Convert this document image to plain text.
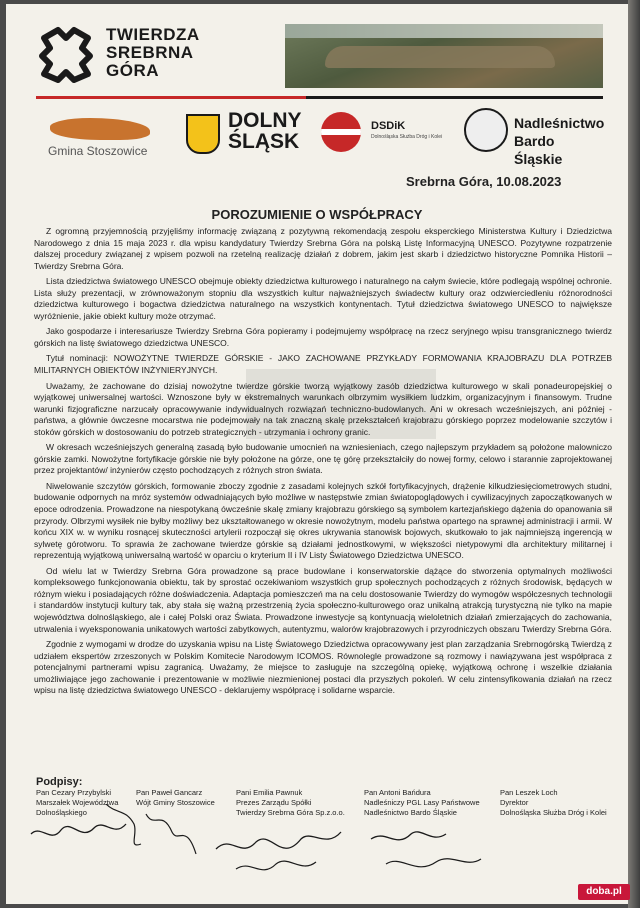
TWIERDZA
SREBRNA
GÓRA
Gmina Stoszowice
DOLNY
ŚLĄSK
DSDiK
Dolnośląska Służba Dróg i Kolei
Nadleśnictwo
Bardo Śląskie
Srebrna Góra, 10.08.2023
POROZUMIENIE O WSPÓŁPRACY

Z ogromną przyjemnością przyjęliśmy informację związaną z pozytywną rekomendacją zespołu eksperckiego Ministerstwa Kultury i Dziedzictwa Narodowego z dnia 15 maja 2023 r. dla wpisu kandydatury Twierdzy Srebrna Góra na polską Listę Informacyjną UNESCO. Pozytywne rozpatrzenie dalszej procedury związanej z wpisem pozwoli na rzetelną realizację działań z dobrem, jakim jest skarb i dziedzictwo historyczne Pomnika Historii – Twierdzy Srebrna Góra.

Lista dziedzictwa światowego UNESCO obejmuje obiekty dziedzictwa kulturowego i naturalnego na całym świecie, które podlegają wspólnej ochronie. Lista służy prezentacji, w zrównoważonym stopniu dla wszystkich kultur najważniejszych świadectw kultury oraz odzwierciedleniu różnorodności dziedzictwa kulturowego i bogactwa dziedzictwa naturalnego na wszystkich kontynentach. Tytuł dziedzictwa światowego UNESCO to największe wyróżnienie, jakie obiekt kultury może otrzymać.

Jako gospodarze i interesariusze Twierdzy Srebrna Góra popieramy i podejmujemy współpracę na rzecz seryjnego wpisu transgranicznego twierdz górskich na listę światowego dziedzictwa UNESCO.

Tytuł nominacji: NOWOŻYTNE TWIERDZE GÓRSKIE - JAKO ZACHOWANE PRZYKŁADY FORMOWANIA KRAJOBRAZU DLA POTRZEB MILITARNYCH OBIEKTÓW INŻYNIERYJNYCH.

Uważamy, że zachowane do dzisiaj nowożytne twierdze górskie tworzą wyjątkowy zasób dziedzictwa kulturowego w skali ponadeuropejskiej o wyjątkowej uniwersalnej wartości. Wznoszone były w ekstremalnych warunkach olbrzymim wysiłkiem ludzkim, organizacyjnym i finansowym. Trudne warunki fizjograficzne narzucały opracowywanie indywidualnych rozwiązań techniczno-budowlanych. Ani w okresach wcześniejszych, ani później - państwa, a głównie ówczesne mocarstwa nie podejmowały na tak znaczną skalę przekształceń krajobrazu górskiego poprzez modelowanie szczytów i stoków górskich w dostosowaniu do potrzeb strategicznych - utrzymania i ochrony granic.

W okresach wcześniejszych generalną zasadą było budowanie umocnień na wzniesieniach, czego najlepszym przykładem są położone malowniczo górskie zamki. Nowożytne fortyfikacje górskie nie były położone na górze, one tę górę przekształciły do nowej formy, celowo i starannie zaprojektowanej przez projektantów/ inżynierów często pochodzących z różnych stron świata.

Niwelowanie szczytów górskich, formowanie zboczy zgodnie z zasadami kolejnych szkół fortyfikacyjnych, drążenie kilkudziesięciometrowych studni, budowanie odpornych na mróz systemów odwadniających było możliwe w następstwie zmian światopoglądowych i cywilizacyjnych zapoczątkowanych w epoce odrodzenia. Prowadzone na niespotykaną ówcześnie skalę zmiany krajobrazu górskiego są symbolem kartezjańskiego dążenia do opanowania sił przyrody. Olbrzymi wysiłek nie byłby możliwy bez ukształtowanego w okresie nowożytnym, modelu państwa opartego na sprawnej administracji i armii. W końcu XIX w. w wyniku rosnącej skuteczności artylerii rozpoczął się okres ukrywania stanowisk bojowych, skutkowało to jak najmniejszą ingerencją w sylwetę górotworu. To sprawia że zachowane twierdze górskie są działami jednostkowymi, w większości nietypowymi dla architektury militarnej i reprezentują wyjątkową uniwersalną wartość w oparciu o kryterium II i IV Listy Światowego Dziedzictwa UNESCO.

Od wielu lat w Twierdzy Srebrna Góra prowadzone są prace budowlane i konserwatorskie dążące do stworzenia optymalnych możliwości kompleksowego funkcjonowania obiektu, tak by sprostać oczekiwaniom wszystkich grup społecznych pochodzących z różnych środowisk, będących w różnym wieku i posiadających różne doświadczenia. Adaptacja pomieszczeń ma na celu dostosowanie Twierdzy do wymogów współczesnych technologii i standardów instytucji kultury tak, aby stała się ważną przestrzenią życia społeczno-kulturowego oraz unikalną atrakcją turystyczną nie tylko na mapie województwa dolnośląskiego, ale i całej Polski oraz Świata. Prowadzone inwestycje są kontynuacją wieloletnich działań zmierzających do zachowania, utrwalenia i wyeksponowania unikatowych wartości zabytkowych, autentyzmu, walorów krajobrazowych i przyrodniczych obszaru Twierdzy Srebrna Góra.

Zgodnie z wymogami w drodze do uzyskania wpisu na Listę Światowego Dziedzictwa opracowywany jest plan zarządzania Srebrnogórską Twierdzą z udziałem ekspertów zrzeszonych w Polskim Komitecie Narodowym ICOMOS. Równolegle prowadzone są rozmowy i nawiązywana jest współpraca z potencjalnymi partnerami wpisu zagranicą. Uważamy, że miejsce to zasługuje na szczególną opiekę, wyjątkową ochronę i wszelkie działania umożliwiające jego zachowanie i prezentowanie w możliwie niezmienionej postaci dla przyszłych pokoleń. W celu zintensyfikowania działań na rzecz wpisu na listę dziedzictwa światowego UNESCO - deklarujemy współpracę i solidarne wsparcie.

Podpisy:
Pan Cezary Przybylski
Marszałek Województwa
Dolnośląskiego
Pan Paweł Gancarz
Wójt Gminy Stoszowice
Pani Emilia Pawnuk
Prezes Zarządu Spółki
Twierdzy Srebrna Góra Sp.z.o.o.
Pan Antoni Bańdura
Nadleśniczy PGL Lasy Państwowe
Nadleśnictwo Bardo Śląskie
Pan Leszek Loch
Dyrektor
Dolnośląska Służba Dróg i Kolei
doba.pl
